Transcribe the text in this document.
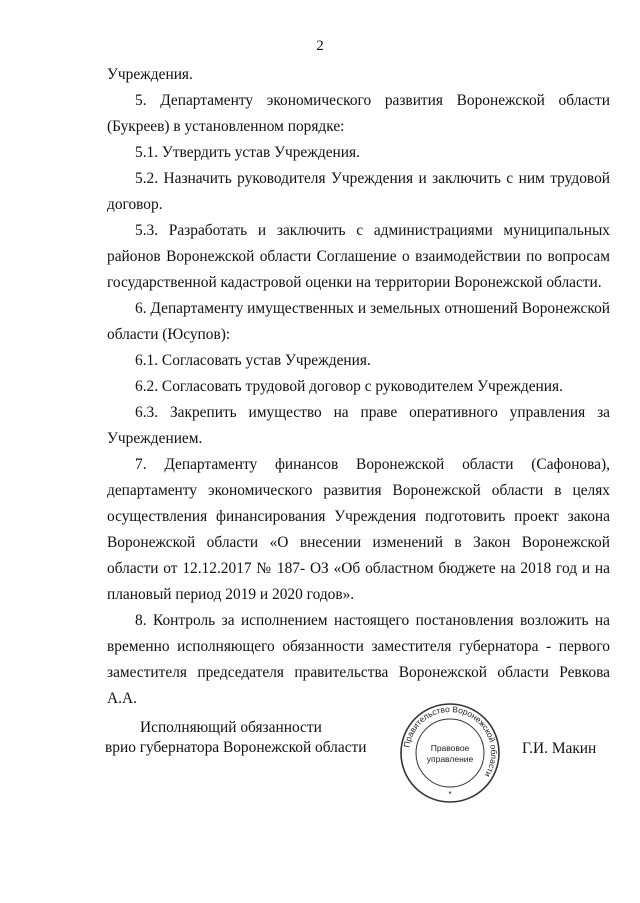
2

Учреждения.

5. Департаменту экономического развития Воронежской области (Букреев) в установленном порядке:

5.1. Утвердить устав Учреждения.

5.2. Назначить руководителя Учреждения и заключить с ним трудовой договор.

5.3. Разработать и заключить с администрациями муниципальных районов Воронежской области Соглашение о взаимодействии по вопросам государственной кадастровой оценки на территории Воронежской области.

6. Департаменту имущественных и земельных отношений Воронежской области (Юсупов):

6.1. Согласовать устав Учреждения.

6.2. Согласовать трудовой договор с руководителем Учреждения.

6.3. Закрепить имущество на праве оперативного управления за Учреждением.

7. Департаменту финансов Воронежской области (Сафонова), департаменту экономического развития Воронежской области в целях осуществления финансирования Учреждения подготовить проект закона Воронежской области «О внесении изменений в Закон Воронежской области от 12.12.2017 № 187- ОЗ «Об областном бюджете на 2018 год и на плановый период 2019 и 2020 годов».

8. Контроль за исполнением настоящего постановления возложить на временно исполняющего обязанности заместителя губернатора - первого заместителя председателя правительства Воронежской области Ревкова А.А.

Исполняющий обязанности
врио губернатора Воронежской области	Правительство Воронежской области
Правовое
управление
*
Г.И. Макин
